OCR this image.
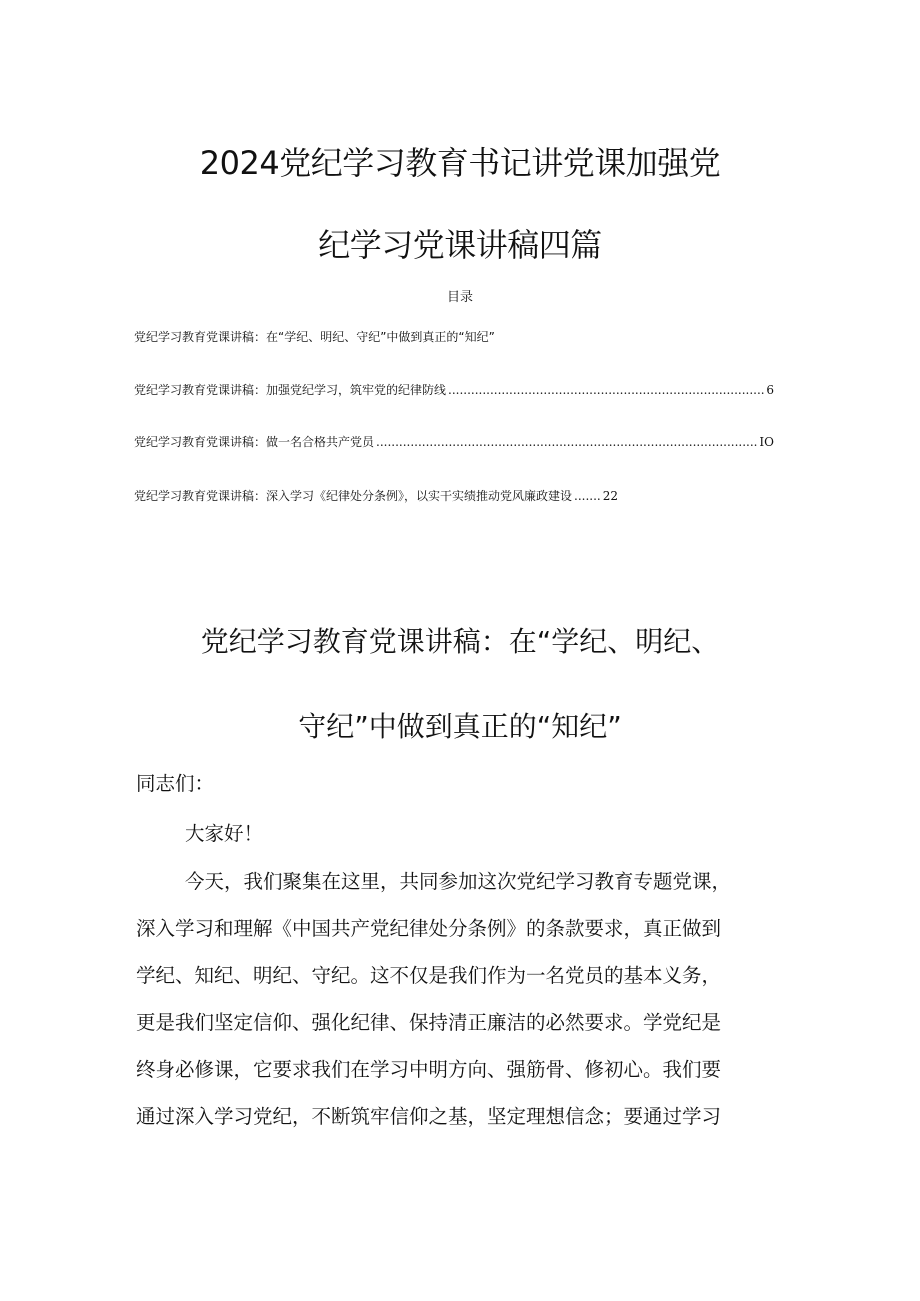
2024党纪学习教育书记讲党课加强党
纪学习党课讲稿四篇
目录
党纪学习教育党课讲稿：在“学纪、明纪、守纪”中做到真正的“知纪”
党纪学习教育党课讲稿：加强党纪学习，筑牢党的纪律防线 .....	6
党纪学习教育党课讲稿：做一名合格共产党员 .....	IO
党纪学习教育党课讲稿：深入学习《纪律处分条例》，以实干实绩推动党风廉政建设 .......	22
党纪学习教育党课讲稿：在“学纪、明纪、
守纪”中做到真正的“知纪”
同志们：
大家好！
今天，我们聚集在这里，共同参加这次党纪学习教育专题党课，
深入学习和理解《中国共产党纪律处分条例》的条款要求，真正做到
学纪、知纪、明纪、守纪。这不仅是我们作为一名党员的基本义务，
更是我们坚定信仰、强化纪律、保持清正廉洁的必然要求。学党纪是
终身必修课，它要求我们在学习中明方向、强筋骨、修初心。我们要
通过深入学习党纪，不断筑牢信仰之基，坚定理想信念；要通过学习
